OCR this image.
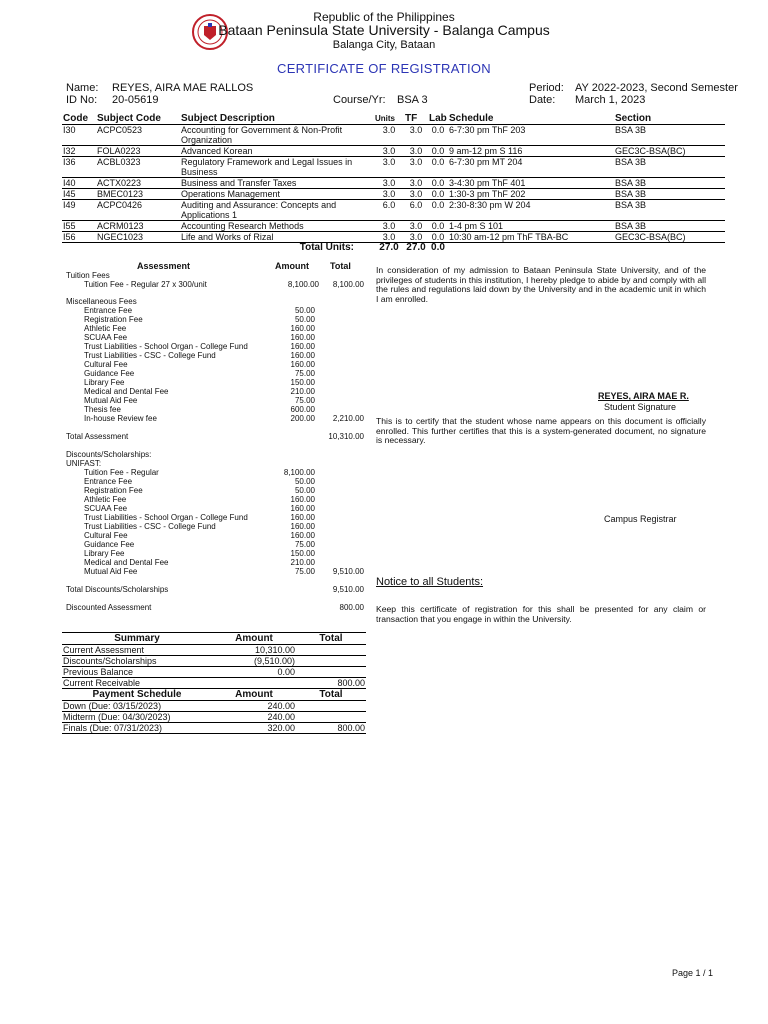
Republic of the Philippines
Bataan Peninsula State University - Balanga Campus
Balanga City, Bataan
CERTIFICATE OF REGISTRATION
Name: REYES, AIRA MAE RALLOS
ID No: 20-05619	Course/Yr: BSA 3
Period: AY 2022-2023, Second Semester
Date: March 1, 2023
Code	Subject Code	Subject Description	Units	TF	Lab	Schedule	Section
I30	ACPC0523	Accounting for Government & Non-Profit Organization	3.0	3.0	0.0	6-7:30 pm ThF 203	BSA 3B
I32	FOLA0223	Advanced Korean	3.0	3.0	0.0	9 am-12 pm S 116	GEC3C-BSA(BC)
I36	ACBL0323	Regulatory Framework and Legal Issues in Business	3.0	3.0	0.0	6-7:30 pm MT 204	BSA 3B
I40	ACTX0223	Business and Transfer Taxes	3.0	3.0	0.0	3-4:30 pm ThF 401	BSA 3B
I45	BMEC0123	Operations Management	3.0	3.0	0.0	1:30-3 pm ThF 202	BSA 3B
I49	ACPC0426	Auditing and Assurance: Concepts and Applications 1	6.0	6.0	0.0	2:30-8:30 pm W 204	BSA 3B
I55	ACRM0123	Accounting Research Methods	3.0	3.0	0.0	1-4 pm S 101	BSA 3B
I56	NGEC1023	Life and Works of Rizal	3.0	3.0	0.0	10:30 am-12 pm ThF TBA-BC	GEC3C-BSA(BC)
		Total Units:	27.0	27.0	0.0		
Assessment	Amount Total
Tuition Fees
Tuition Fee - Regular 27 x 300/unit	8,100.00	8,100.00
Miscellaneous Fees
Entrance Fee	50.00
Registration Fee	50.00
Athletic Fee	160.00
SCUAA Fee	160.00
Trust Liabilities - School Organ - College Fund	160.00
Trust Liabilities - CSC - College Fund	160.00
Cultural Fee	160.00
Guidance Fee	75.00
Library Fee	150.00
Medical and Dental Fee	210.00
Mutual Aid Fee	75.00
Thesis fee	600.00
In-house Review fee	200.00	2,210.00
Total Assessment	10,310.00
Discounts/Scholarships:
UNIFAST:
Tuition Fee - Regular	8,100.00
Entrance Fee	50.00
Registration Fee	50.00
Athletic Fee	160.00
SCUAA Fee	160.00
Trust Liabilities - School Organ - College Fund	160.00
Trust Liabilities - CSC - College Fund	160.00
Cultural Fee	160.00
Guidance Fee	75.00
Library Fee	150.00
Medical and Dental Fee	210.00
Mutual Aid Fee	75.00	9,510.00
Total Discounts/Scholarships	9,510.00
Discounted Assessment	800.00
Summary	Amount	Total
Current Assessment	10,310.00	
Discounts/Scholarships	(9,510.00)	
Previous Balance	0.00	
Current Receivable		800.00
Payment Schedule	Amount	Total
Down (Due: 03/15/2023)	240.00	
Midterm (Due: 04/30/2023)	240.00	
Finals (Due: 07/31/2023)	320.00	800.00
In consideration of my admission to Bataan Peninsula State University, and of the privileges of students in this institution, I hereby pledge to abide by and comply with all the rules and regulations laid down by the University and in the academic unit in which I am enrolled.
REYES, AIRA MAE R.
Student Signature
This is to certify that the student whose name appears on this document is officially enrolled. This further certifies that this is a system-generated document, no signature is necessary.
Campus Registrar
Notice to all Students:
Keep this certificate of registration for this shall be presented for any claim or transaction that you engage in within the University.
Page 1 / 1
